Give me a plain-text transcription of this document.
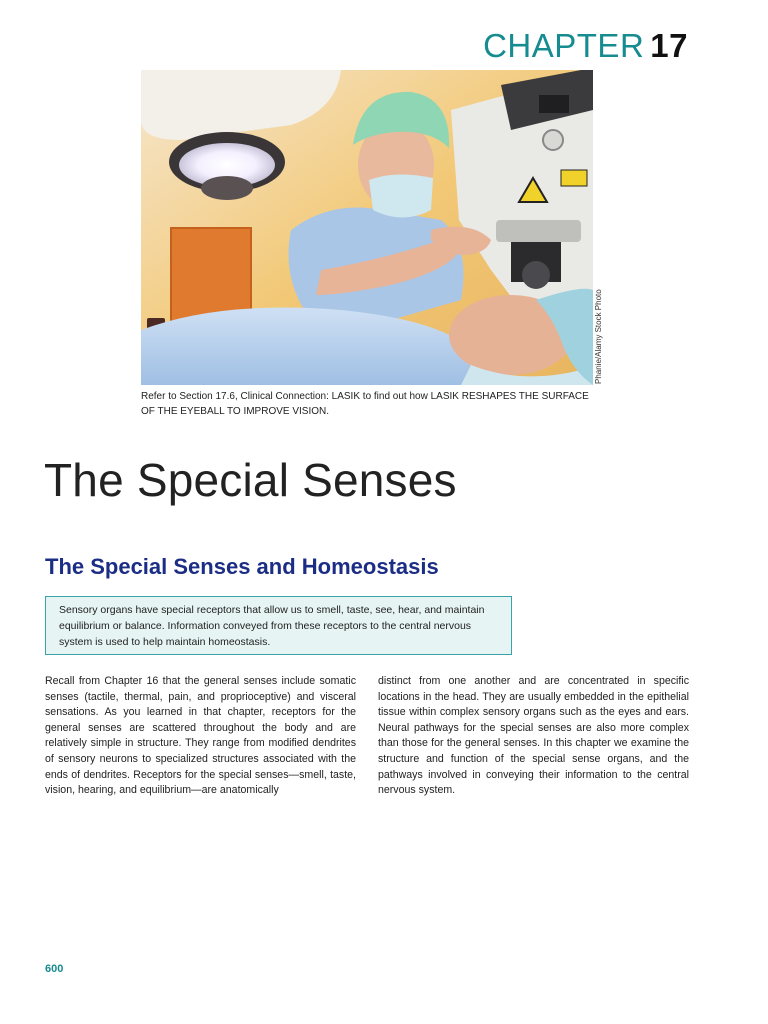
CHAPTER 17
Phanie/Alamy Stock Photo
Refer to Section 17.6, Clinical Connection: LASIK to find out how LASIK RESHAPES THE SURFACE OF THE EYEBALL TO IMPROVE VISION.
The Special Senses
The Special Senses and Homeostasis
Sensory organs have special receptors that allow us to smell, taste, see, hear, and maintain equilibrium or balance. Information conveyed from these receptors to the central nervous system is used to help maintain homeostasis.
Recall from Chapter 16 that the general senses include somatic senses (tactile, thermal, pain, and proprioceptive) and visceral sensations. As you learned in that chapter, receptors for the general senses are scattered throughout the body and are relatively simple in structure. They range from modified dendrites of sensory neurons to specialized structures associated with the ends of dendrites. Receptors for the special senses—smell, taste, vision, hearing, and equilibrium—are anatomically
distinct from one another and are concentrated in specific locations in the head. They are usually embedded in the epithelial tissue within complex sensory organs such as the eyes and ears. Neural pathways for the special senses are also more complex than those for the general senses. In this chapter we examine the structure and function of the special sense organs, and the pathways involved in conveying their information to the central nervous system.
600
